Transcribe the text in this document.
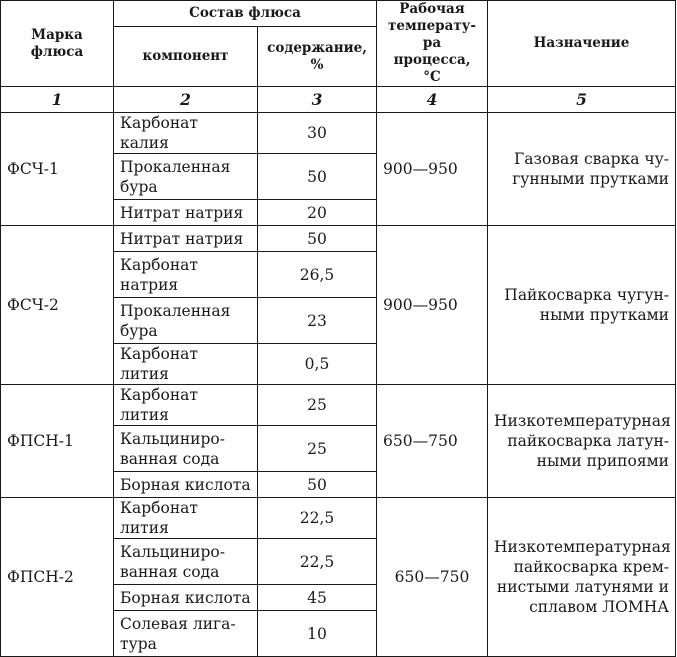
Марка флюса	Состав флюса		Рабочая температу-ра процесса, °С	Назначение
	компонент	содержание, %		
1	2	3	4	5
ФСЧ-1	Карбонат калия	30	900—950	Газовая сварка чу-гунными прутками
	Прокаленная бура	50		
	Нитрат натрия	20		
ФСЧ-2	Нитрат натрия	50	900—950	Пайкосварка чугун-ными прутками
	Карбонат натрия	26,5		
	Прокаленная бура	23		
	Карбонат лития	0,5		
ФПСН-1	Карбонат лития	25	650—750	Низкотемпературная пайкосварка латун-ными припоями
	Кальциниро-ванная сода	25		
	Борная кислота	50		
ФПСН-2	Карбонат лития	22,5	650—750	Низкотемпературная пайкосварка крем-нистыми латунями и сплавом ЛОМНА
	Кальциниро-ванная сода	22,5		
	Борная кислота	45		
	Солевая лига-тура	10		
